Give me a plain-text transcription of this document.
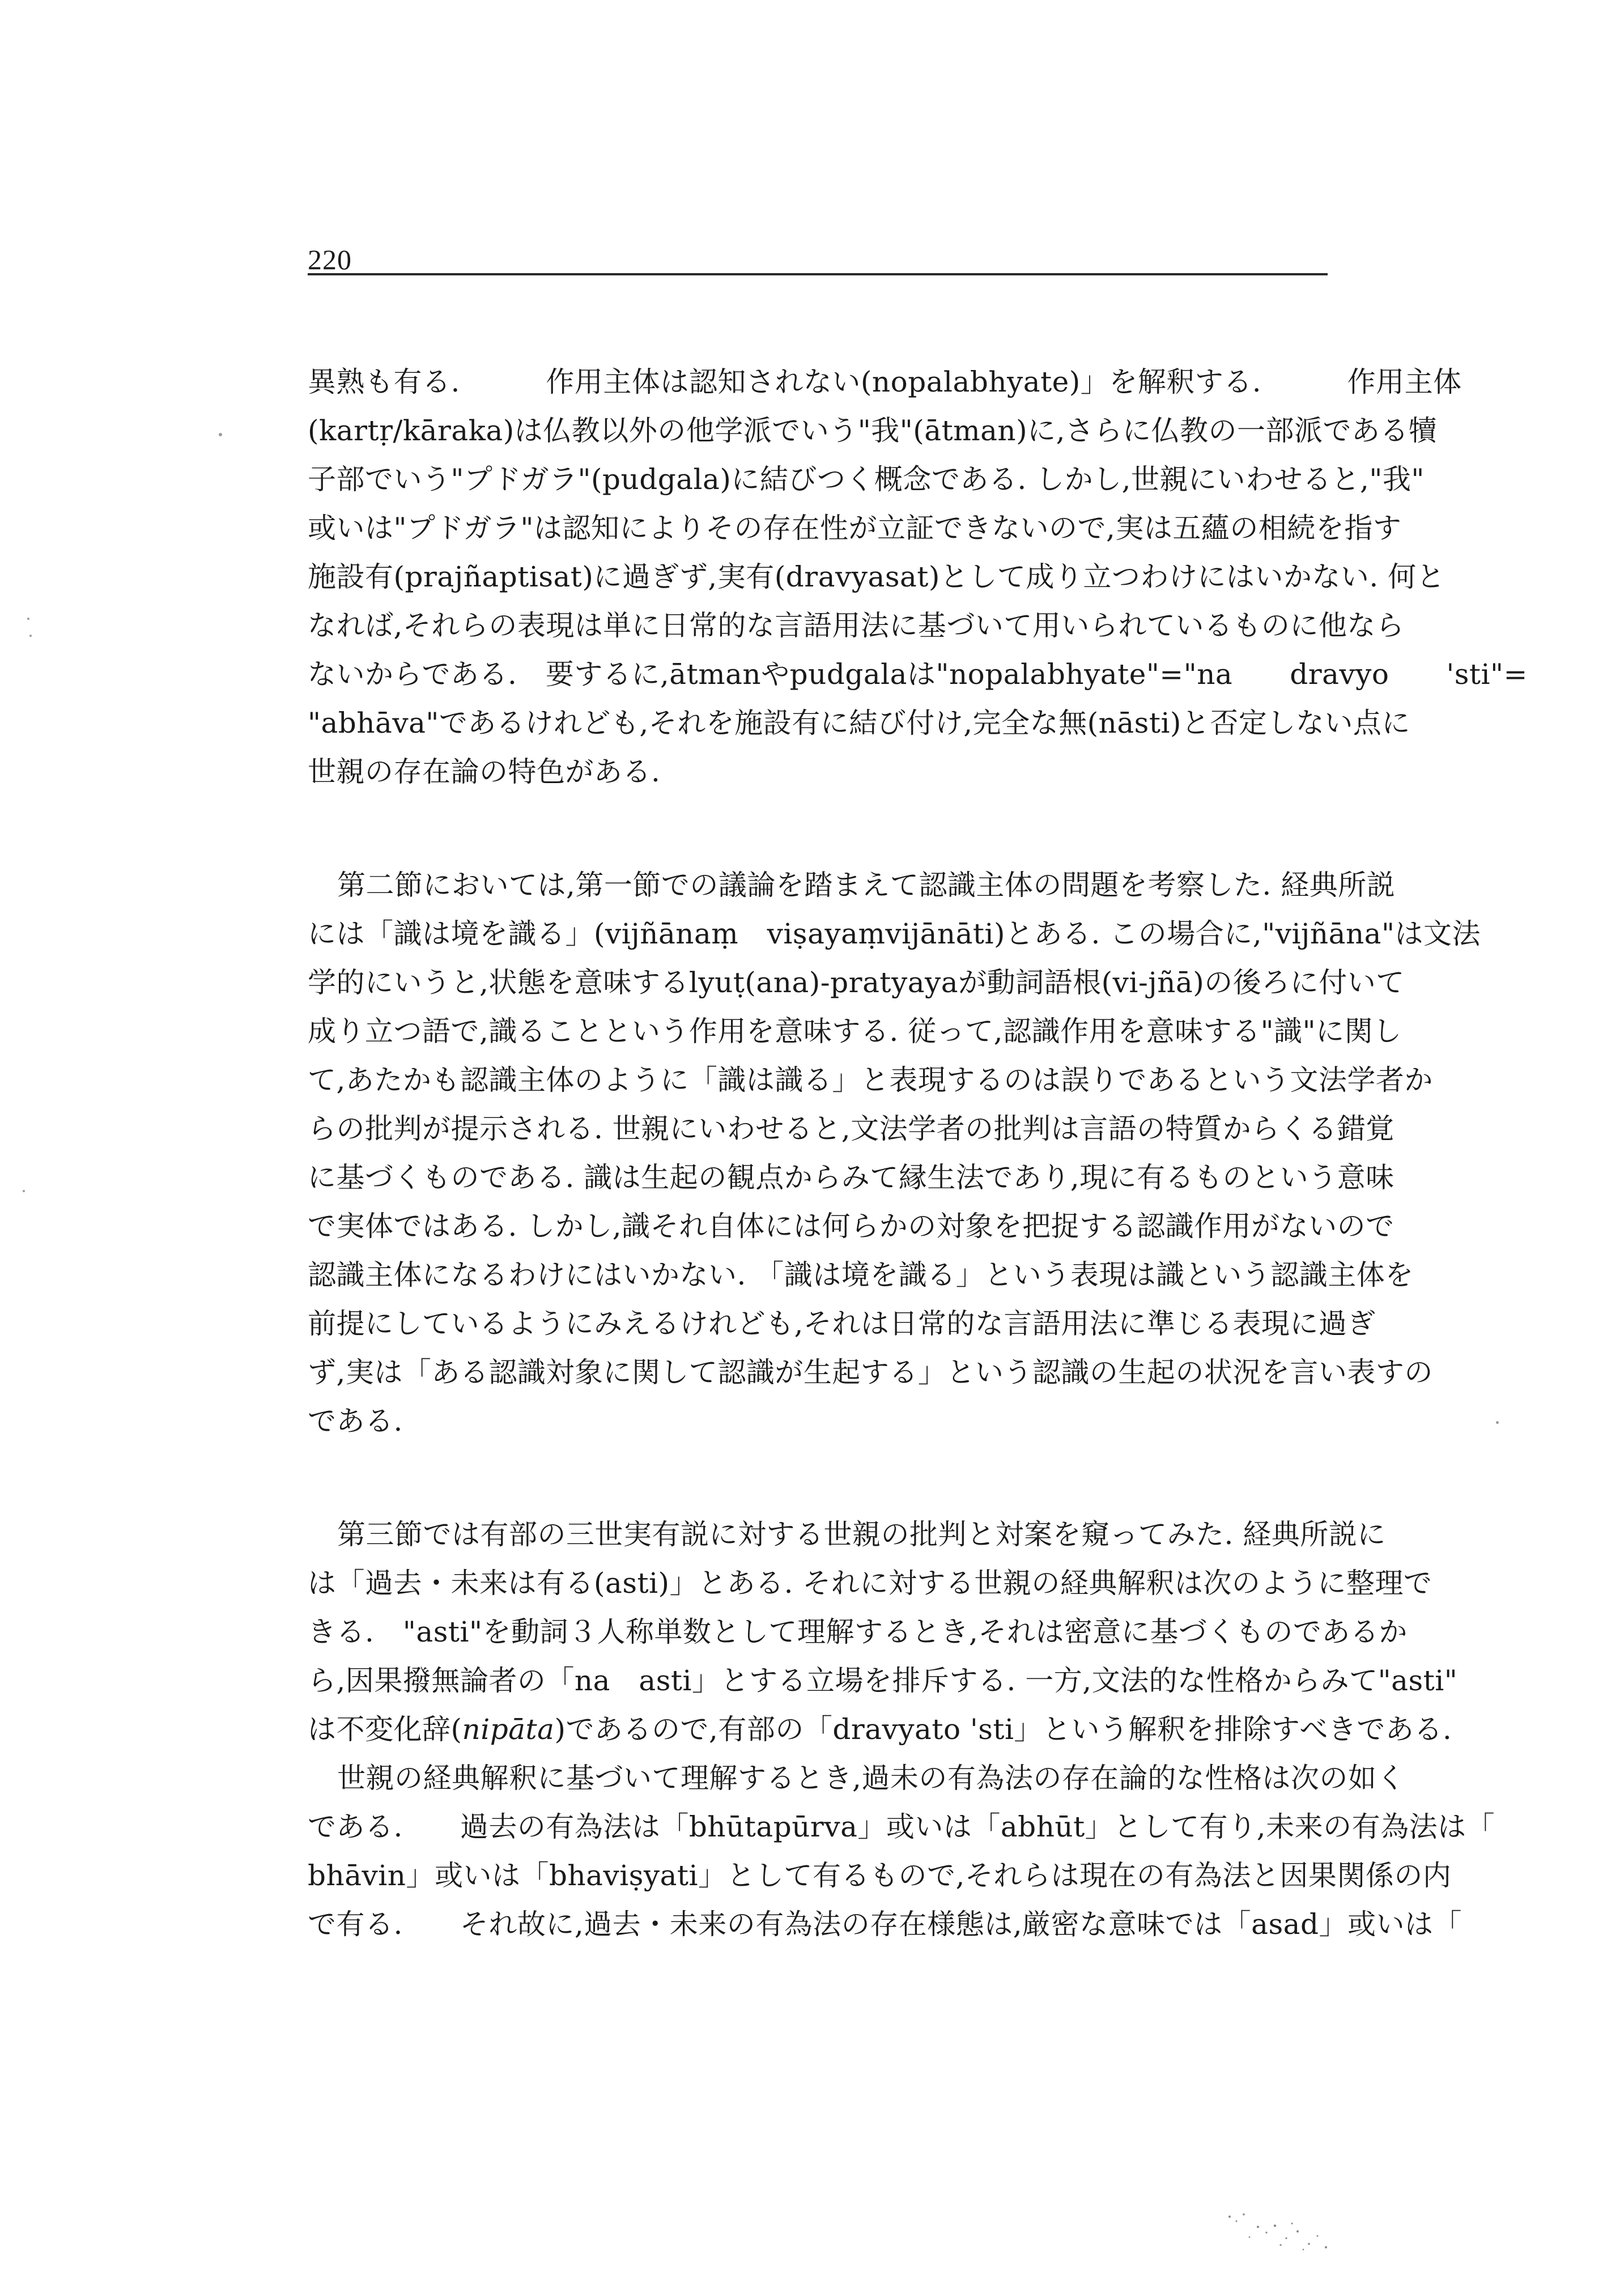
220
異熟も有る.　　　作用主体は認知されない(nopalabhyate)」を解釈する.　　　作用主体
(kartṛ/kāraka)は仏教以外の他学派でいう"我"(ātman)に,さらに仏教の一部派である犢
子部でいう"プドガラ"(pudgala)に結びつく概念である. しかし,世親にいわせると,"我"
或いは"プドガラ"は認知によりその存在性が立証できないので,実は五蘊の相続を指す
施設有(prajñaptisat)に過ぎず,実有(dravyasat)として成り立つわけにはいかない. 何と
なれば,それらの表現は単に日常的な言語用法に基づいて用いられているものに他なら
ないからである.　要するに,ātmanやpudgalaは"nopalabhyate"="na　　dravyo　　'sti"=
"abhāva"であるけれども,それを施設有に結び付け,完全な無(nāsti)と否定しない点に
世親の存在論の特色がある.
第二節においては,第一節での議論を踏まえて認識主体の問題を考察した. 経典所説
には「識は境を識る」(vijñānaṃ　viṣayaṃvijānāti)とある. この場合に,"vijñāna"は文法
学的にいうと,状態を意味するlyuṭ(ana)-pratyayaが動詞語根(vi-jñā)の後ろに付いて
成り立つ語で,識ることという作用を意味する. 従って,認識作用を意味する"識"に関し
て,あたかも認識主体のように「識は識る」と表現するのは誤りであるという文法学者か
らの批判が提示される. 世親にいわせると,文法学者の批判は言語の特質からくる錯覚
に基づくものである. 識は生起の観点からみて縁生法であり,現に有るものという意味
で実体ではある. しかし,識それ自体には何らかの対象を把捉する認識作用がないので
認識主体になるわけにはいかない. 「識は境を識る」という表現は識という認識主体を
前提にしているようにみえるけれども,それは日常的な言語用法に準じる表現に過ぎ
ず,実は「ある認識対象に関して認識が生起する」という認識の生起の状況を言い表すの
である.
第三節では有部の三世実有説に対する世親の批判と対案を窺ってみた. 経典所説に
は「過去・未来は有る(asti)」とある. それに対する世親の経典解釈は次のように整理で
きる.　"asti"を動詞３人称単数として理解するとき,それは密意に基づくものであるか
ら,因果撥無論者の「na　asti」とする立場を排斥する. 一方,文法的な性格からみて"asti"
は不変化辞(nipāta)であるので,有部の「dravyato 'sti」という解釈を排除すべきである.
世親の経典解釈に基づいて理解するとき,過未の有為法の存在論的な性格は次の如く
である.　　過去の有為法は「bhūtapūrva」或いは「abhūt」として有り,未来の有為法は「
bhāvin」或いは「bhaviṣyati」として有るもので,それらは現在の有為法と因果関係の内
で有る.　　それ故に,過去・未来の有為法の存在様態は,厳密な意味では「asad」或いは「
